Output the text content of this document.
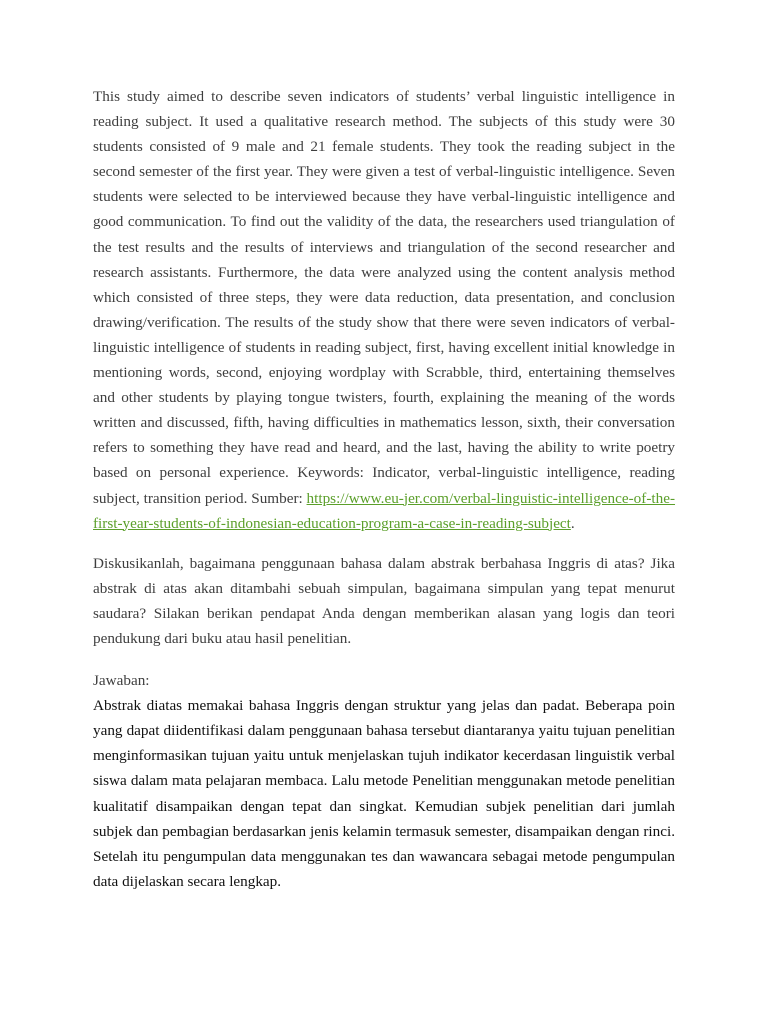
This study aimed to describe seven indicators of students’ verbal linguistic intelligence in reading subject. It used a qualitative research method. The subjects of this study were 30 students consisted of 9 male and 21 female students. They took the reading subject in the second semester of the first year. They were given a test of verbal-linguistic intelligence. Seven students were selected to be interviewed because they have verbal-linguistic intelligence and good communication. To find out the validity of the data, the researchers used triangulation of the test results and the results of interviews and triangulation of the second researcher and research assistants. Furthermore, the data were analyzed using the content analysis method which consisted of three steps, they were data reduction, data presentation, and conclusion drawing/verification. The results of the study show that there were seven indicators of verbal-linguistic intelligence of students in reading subject, first, having excellent initial knowledge in mentioning words, second, enjoying wordplay with Scrabble, third, entertaining themselves and other students by playing tongue twisters, fourth, explaining the meaning of the words written and discussed, fifth, having difficulties in mathematics lesson, sixth, their conversation refers to something they have read and heard, and the last, having the ability to write poetry based on personal experience. Keywords: Indicator, verbal-linguistic intelligence, reading subject, transition period. Sumber: https://www.eu-jer.com/verbal-linguistic-intelligence-of-the-first-year-students-of-indonesian-education-program-a-case-in-reading-subject.

Diskusikanlah, bagaimana penggunaan bahasa dalam abstrak berbahasa Inggris di atas? Jika abstrak di atas akan ditambahi sebuah simpulan, bagaimana simpulan yang tepat menurut saudara? Silakan berikan pendapat Anda dengan memberikan alasan yang logis dan teori pendukung dari buku atau hasil penelitian.

Jawaban:

Abstrak diatas memakai bahasa Inggris dengan struktur yang jelas dan padat. Beberapa poin yang dapat diidentifikasi dalam penggunaan bahasa tersebut diantaranya yaitu tujuan penelitian menginformasikan tujuan yaitu untuk menjelaskan tujuh indikator kecerdasan linguistik verbal siswa dalam mata pelajaran membaca. Lalu metode Penelitian menggunakan metode penelitian kualitatif disampaikan dengan tepat dan singkat. Kemudian subjek penelitian dari jumlah subjek dan pembagian berdasarkan jenis kelamin termasuk semester, disampaikan dengan rinci. Setelah itu pengumpulan data menggunakan tes dan wawancara sebagai metode pengumpulan data dijelaskan secara lengkap.
